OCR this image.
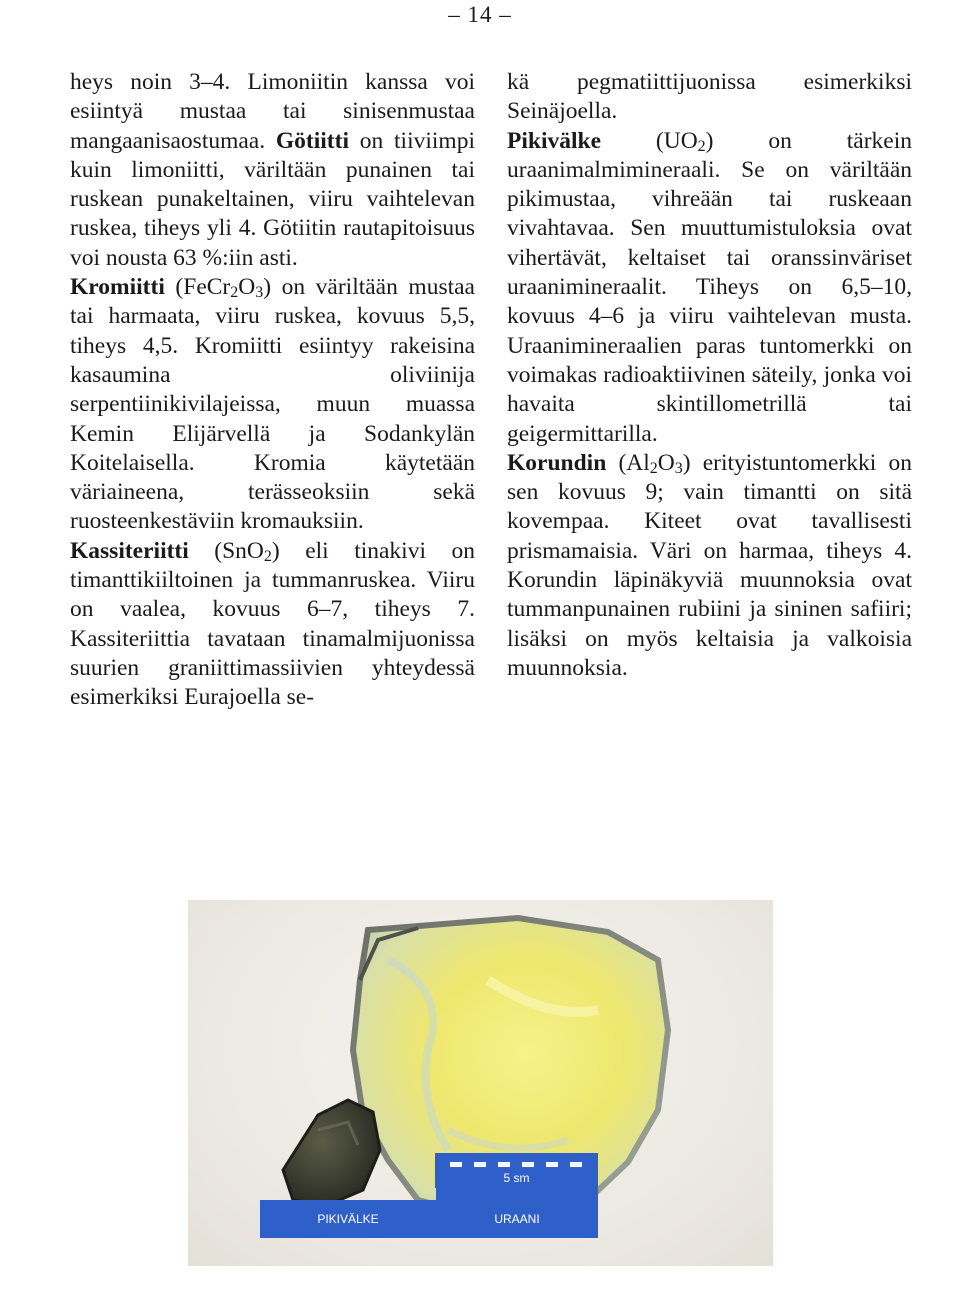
– 14 –

heys noin 3–4. Limoniitin kanssa voi esiintyä mustaa tai sinisenmustaa mangaanisaostumaa. Götiitti on tiiviimpi kuin limoniitti, väriltään punainen tai ruskean punakeltainen, viiru vaihtelevan ruskea, tiheys yli 4. Götiitin rautapitoisuus voi nousta 63 %:iin asti.

Kromiitti $(FeCr_2O_3)$ on väriltään mustaa tai harmaata, viiru ruskea, kovuus 5,5, tiheys 4,5. Kromiitti esiintyy rakeisina kasaumina oliviinija serpentiinikivilajeissa, muun muassa Kemin Elijärvellä ja Sodankylän Koitelaisella. Kromia käytetään väriaineena, terässeoksiin sekä ruosteenkestäviin kromauksiin.

Kassiteriitti (SnO$_2$) eli tinakivi on timanttikiiltoinen ja tummanruskea. Viiru on vaalea, kovuus 6–7, tiheys 7. Kassiteriittia tavataan tinamalmijuonissa suurien graniittimassiivien yhteydessä esimerkiksi Eurajoella se-

kä pegmatiittijuonissa esimerkiksi Seinäjoella.

Pikivälke $(UO_2)$ on tärkein uraanimalmimineraali. Se on väriltään pikimustaa, vihreään tai ruskeaan vivahtavaa. Sen muuttumistuloksia ovat vihertävät, keltaiset tai oranssinväriset uraanimineraalit. Tiheys on 6,5–10, kovuus 4–6 ja viiru vaihtelevan musta. Uraanimineraalien paras tuntomerkki on voimakas radioaktiivinen säteily, jonka voi havaita skintillometrillä tai geigermittarilla.

Korundin $(Al_2O_3)$ erityistuntomerkki on sen kovuus 9; vain timantti on sitä kovempaa. Kiteet ovat tavallisesti prismamaisia. Väri on harmaa, tiheys 4. Korundin läpinäkyviä muunnoksia ovat tummanpunainen rubiini ja sininen safiiri; lisäksi on myös keltaisia ja valkoisia muunnoksia.

5 sm
PIKIVÄLKE	URAANI
